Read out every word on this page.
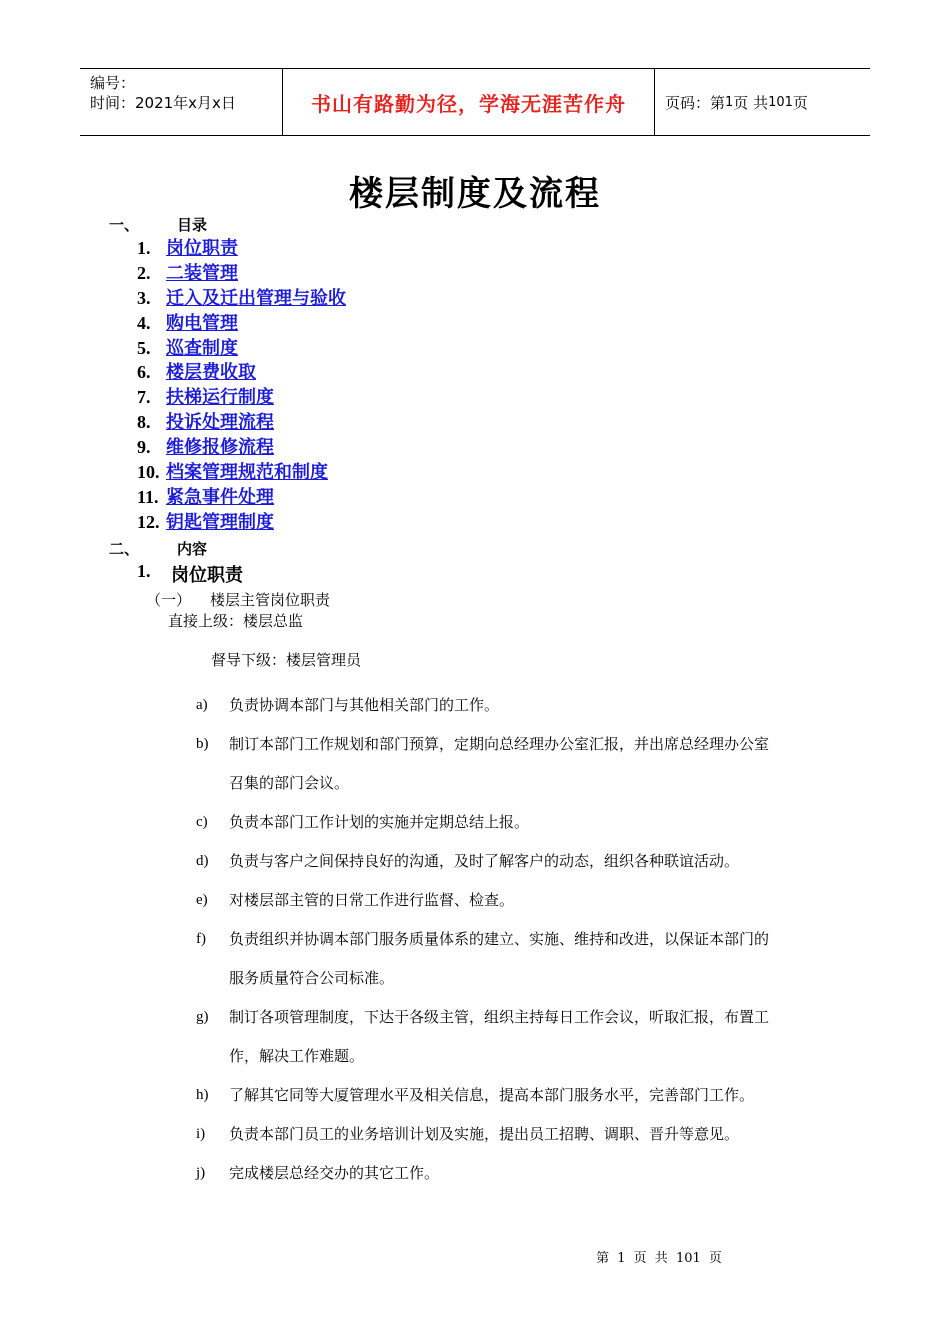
编号：
时间：2021年x月x日	书山有路勤为径，学海无涯苦作舟	页码：第 1 页 共 101 页
楼层制度及流程
一、	目录
1. 岗位职责
2. 二装管理
3. 迁入及迁出管理与验收
4. 购电管理
5. 巡查制度
6. 楼层费收取
7. 扶梯运行制度
8. 投诉处理流程
9. 维修报修流程
10. 档案管理规范和制度
11. 紧急事件处理
12. 钥匙管理制度
二、	内容
1.	岗位职责
（一）	楼层主管岗位职责
直接上级：楼层总监
督导下级：楼层管理员
a)	负责协调本部门与其他相关部门的工作。
b)	制订本部门工作规划和部门预算，定期向总经理办公室汇报，并出席总经理办公室
召集的部门会议。
c)	负责本部门工作计划的实施并定期总结上报。
d)	负责与客户之间保持良好的沟通，及时了解客户的动态，组织各种联谊活动。
e)	对楼层部主管的日常工作进行监督、检查。
f)	负责组织并协调本部门服务质量体系的建立、实施、维持和改进，以保证本部门的
服务质量符合公司标准。
g)	制订各项管理制度，下达于各级主管，组织主持每日工作会议，听取汇报，布置工
作，解决工作难题。
h)	了解其它同等大厦管理水平及相关信息，提高本部门服务水平，完善部门工作。
i)	负责本部门员工的业务培训计划及实施，提出员工招聘、调职、晋升等意见。
j)	完成楼层总经交办的其它工作。
第 1 页 共 101 页
